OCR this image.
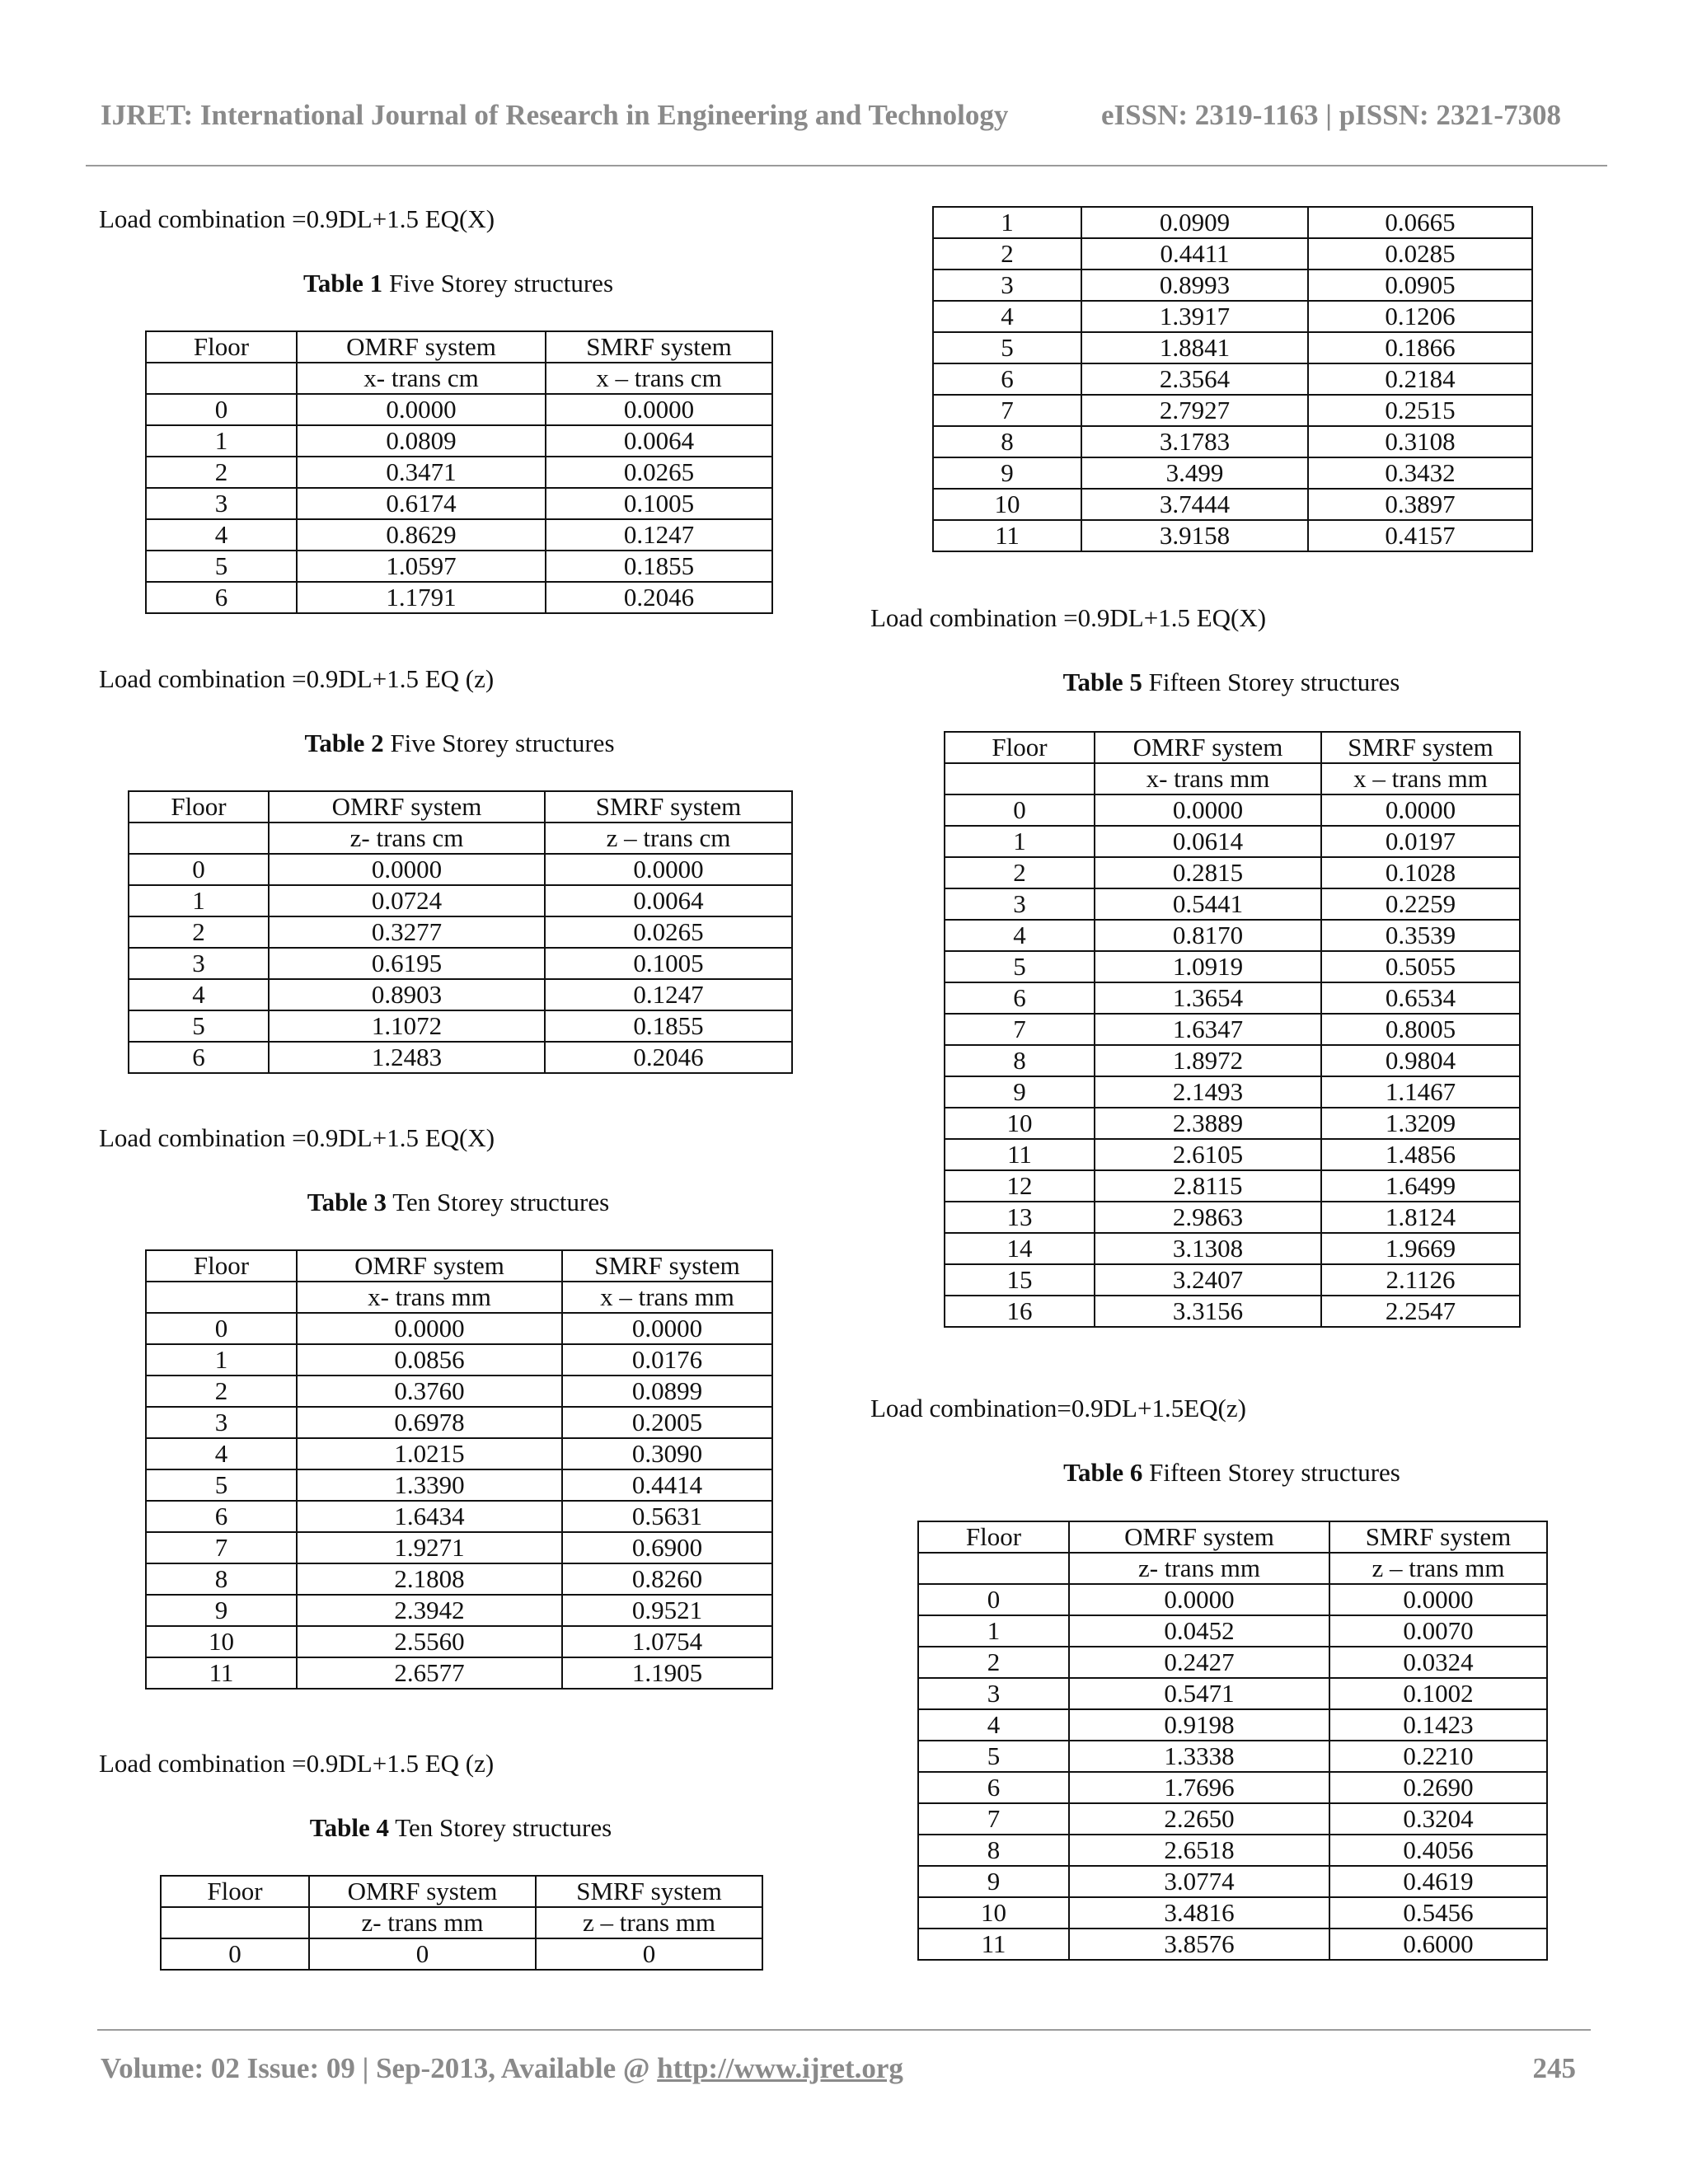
IJRET: International Journal of Research in Engineering and Technology	eISSN: 2319-1163 | pISSN: 2321-7308
Load combination =0.9DL+1.5 EQ(X)
Table 1 Five Storey structures
Floor	OMRF system	SMRF system
	x- trans cm	x – trans cm
0	0.0000	0.0000
1	0.0809	0.0064
2	0.3471	0.0265
3	0.6174	0.1005
4	0.8629	0.1247
5	1.0597	0.1855
6	1.1791	0.2046
Load combination =0.9DL+1.5 EQ (z)
Table 2 Five Storey structures
Floor	OMRF system	SMRF system
	z- trans cm	z – trans cm
0	0.0000	0.0000
1	0.0724	0.0064
2	0.3277	0.0265
3	0.6195	0.1005
4	0.8903	0.1247
5	1.1072	0.1855
6	1.2483	0.2046
Load combination =0.9DL+1.5 EQ(X)
Table 3 Ten Storey structures
Floor	OMRF system	SMRF system
	x- trans mm	x – trans mm
0	0.0000	0.0000
1	0.0856	0.0176
2	0.3760	0.0899
3	0.6978	0.2005
4	1.0215	0.3090
5	1.3390	0.4414
6	1.6434	0.5631
7	1.9271	0.6900
8	2.1808	0.8260
9	2.3942	0.9521
10	2.5560	1.0754
11	2.6577	1.1905
Load combination =0.9DL+1.5 EQ (z)
Table 4 Ten Storey structures
Floor	OMRF system	SMRF system
	z- trans mm	z – trans mm
0	0	0
1	0.0909	0.0665
2	0.4411	0.0285
3	0.8993	0.0905
4	1.3917	0.1206
5	1.8841	0.1866
6	2.3564	0.2184
7	2.7927	0.2515
8	3.1783	0.3108
9	3.499	0.3432
10	3.7444	0.3897
11	3.9158	0.4157
Load combination =0.9DL+1.5 EQ(X)
Table 5 Fifteen Storey structures
Floor	OMRF system	SMRF system
	x- trans mm	x – trans mm
0	0.0000	0.0000
1	0.0614	0.0197
2	0.2815	0.1028
3	0.5441	0.2259
4	0.8170	0.3539
5	1.0919	0.5055
6	1.3654	0.6534
7	1.6347	0.8005
8	1.8972	0.9804
9	2.1493	1.1467
10	2.3889	1.3209
11	2.6105	1.4856
12	2.8115	1.6499
13	2.9863	1.8124
14	3.1308	1.9669
15	3.2407	2.1126
16	3.3156	2.2547
Load combination=0.9DL+1.5EQ(z)
Table 6 Fifteen Storey structures
Floor	OMRF system	SMRF system
	z- trans mm	z – trans mm
0	0.0000	0.0000
1	0.0452	0.0070
2	0.2427	0.0324
3	0.5471	0.1002
4	0.9198	0.1423
5	1.3338	0.2210
6	1.7696	0.2690
7	2.2650	0.3204
8	2.6518	0.4056
9	3.0774	0.4619
10	3.4816	0.5456
11	3.8576	0.6000
Volume: 02 Issue: 09 | Sep-2013, Available @ http://www.ijret.org	245
